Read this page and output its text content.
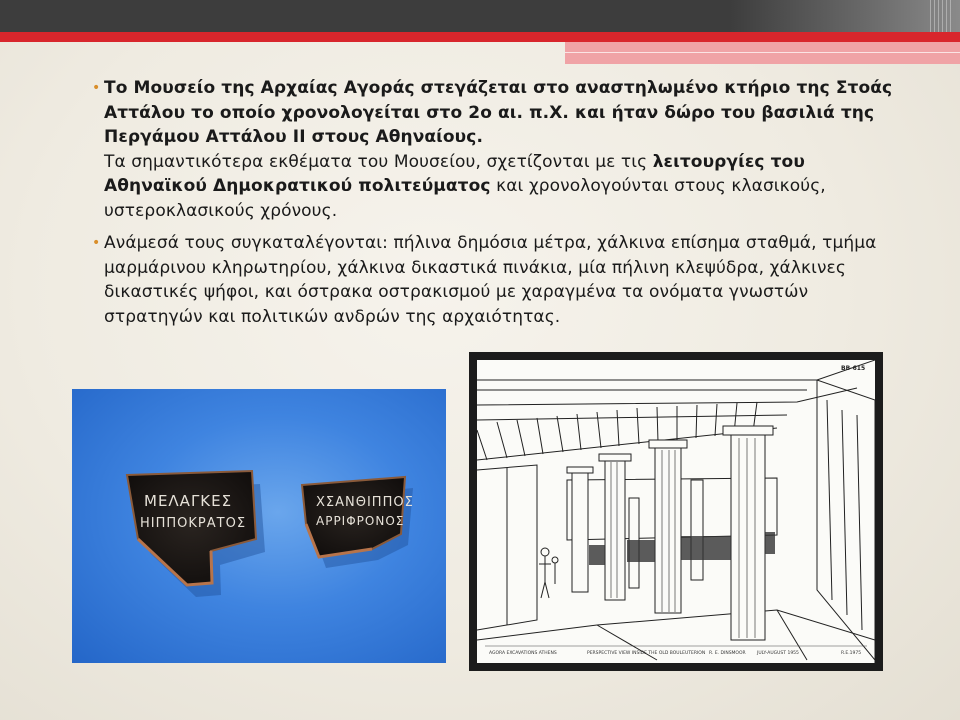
• Το Μουσείο της Αρχαίας Αγοράς στεγάζεται στο αναστηλωμένο κτήριο της Στοάς Αττάλου το οποίο χρονολογείται στο 2ο αι. π.Χ. και ήταν δώρο του βασιλιά της Περγάμου Αττάλου ΙΙ στους Αθηναίους.
Τα σημαντικότερα εκθέματα του Μουσείου, σχετίζονται με τις λειτουργίες του Αθηναϊκού Δημοκρατικού πολιτεύματος και χρονολογούνται στους κλασικούς, υστεροκλασικούς χρόνους.

• Ανάμεσά τους συγκαταλέγονται: πήλινα δημόσια μέτρα, χάλκινα επίσημα σταθμά, τμήμα μαρμάρινου κληρωτηρίου, χάλκινα δικαστικά πινάκια, μία πήλινη κλεψύδρα, χάλκινες δικαστικές ψήφοι, και όστρακα οστρακισμού με χαραγμένα τα ονόματα γνωστών στρατηγών και πολιτικών ανδρών της αρχαιότητας.

ΜΕΛΑΓΚΕΣ
ΗΙΠΠΟΚΡΑΤΟΣ
ΧΣΑΝΘΙΠΠΟΣ
ΑΡΡΙΦΡΟΝΟΣ
AGORA EXCAVATIONS ATHENS	PERSPECTIVE VIEW INSIDE THE OLD BOULEUTERION R. E. DINSMOOR	JULY-AUGUST 1955	R.E.1975
BB-615
